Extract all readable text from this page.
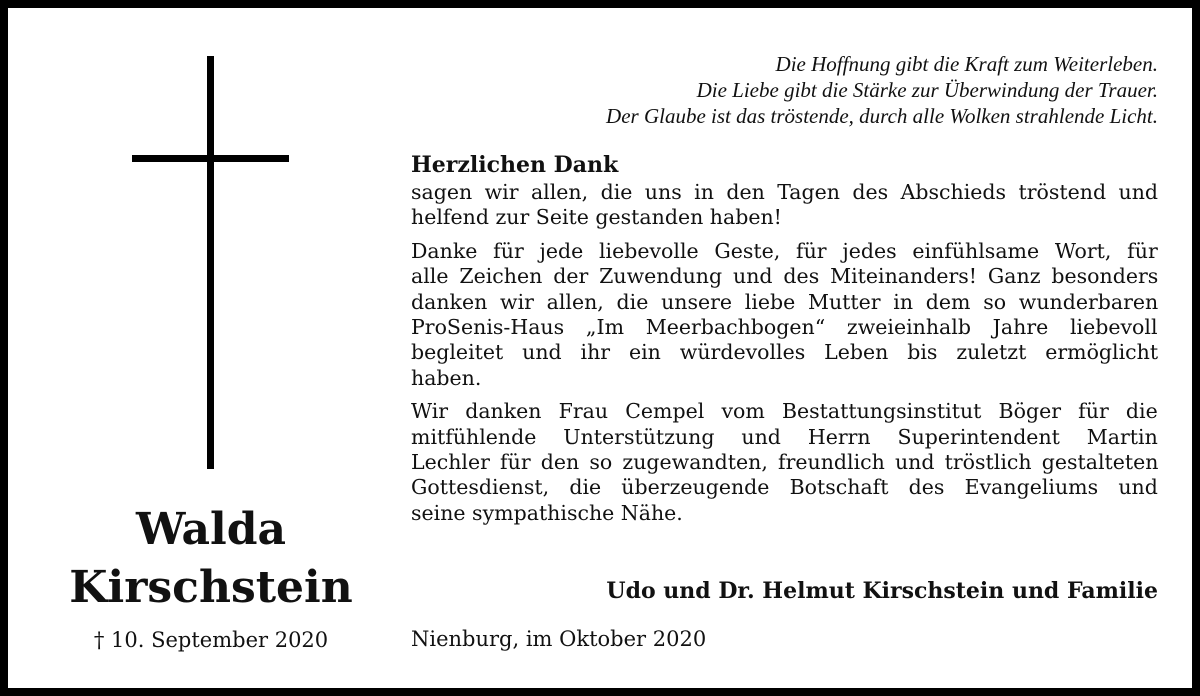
Walda
Kirschstein
† 10. September 2020
Die Hoffnung gibt die Kraft zum Weiterleben.
Die Liebe gibt die Stärke zur Überwindung der Trauer.
Der Glaube ist das tröstende, durch alle Wolken strahlende Licht.

Herzlichen Dank

sagen wir allen, die uns in den Tagen des Abschieds tröstend und
helfend zur Seite gestanden haben!

Danke für jede liebevolle Geste, für jedes einfühlsame Wort, für
alle Zeichen der Zuwendung und des Miteinanders! Ganz besonders
danken wir allen, die unsere liebe Mutter in dem so wunderbaren
ProSenis-Haus „Im Meerbachbogen“ zweieinhalb Jahre liebevoll
begleitet und ihr ein würdevolles Leben bis zuletzt ermöglicht
haben.

Wir danken Frau Cempel vom Bestattungsinstitut Böger für die
mitfühlende Unterstützung und Herrn Superintendent Martin
Lechler für den so zugewandten, freundlich und tröstlich gestalteten
Gottesdienst, die überzeugende Botschaft des Evangeliums und
seine sympathische Nähe.

Udo und Dr. Helmut Kirschstein und Familie
Nienburg, im Oktober 2020
